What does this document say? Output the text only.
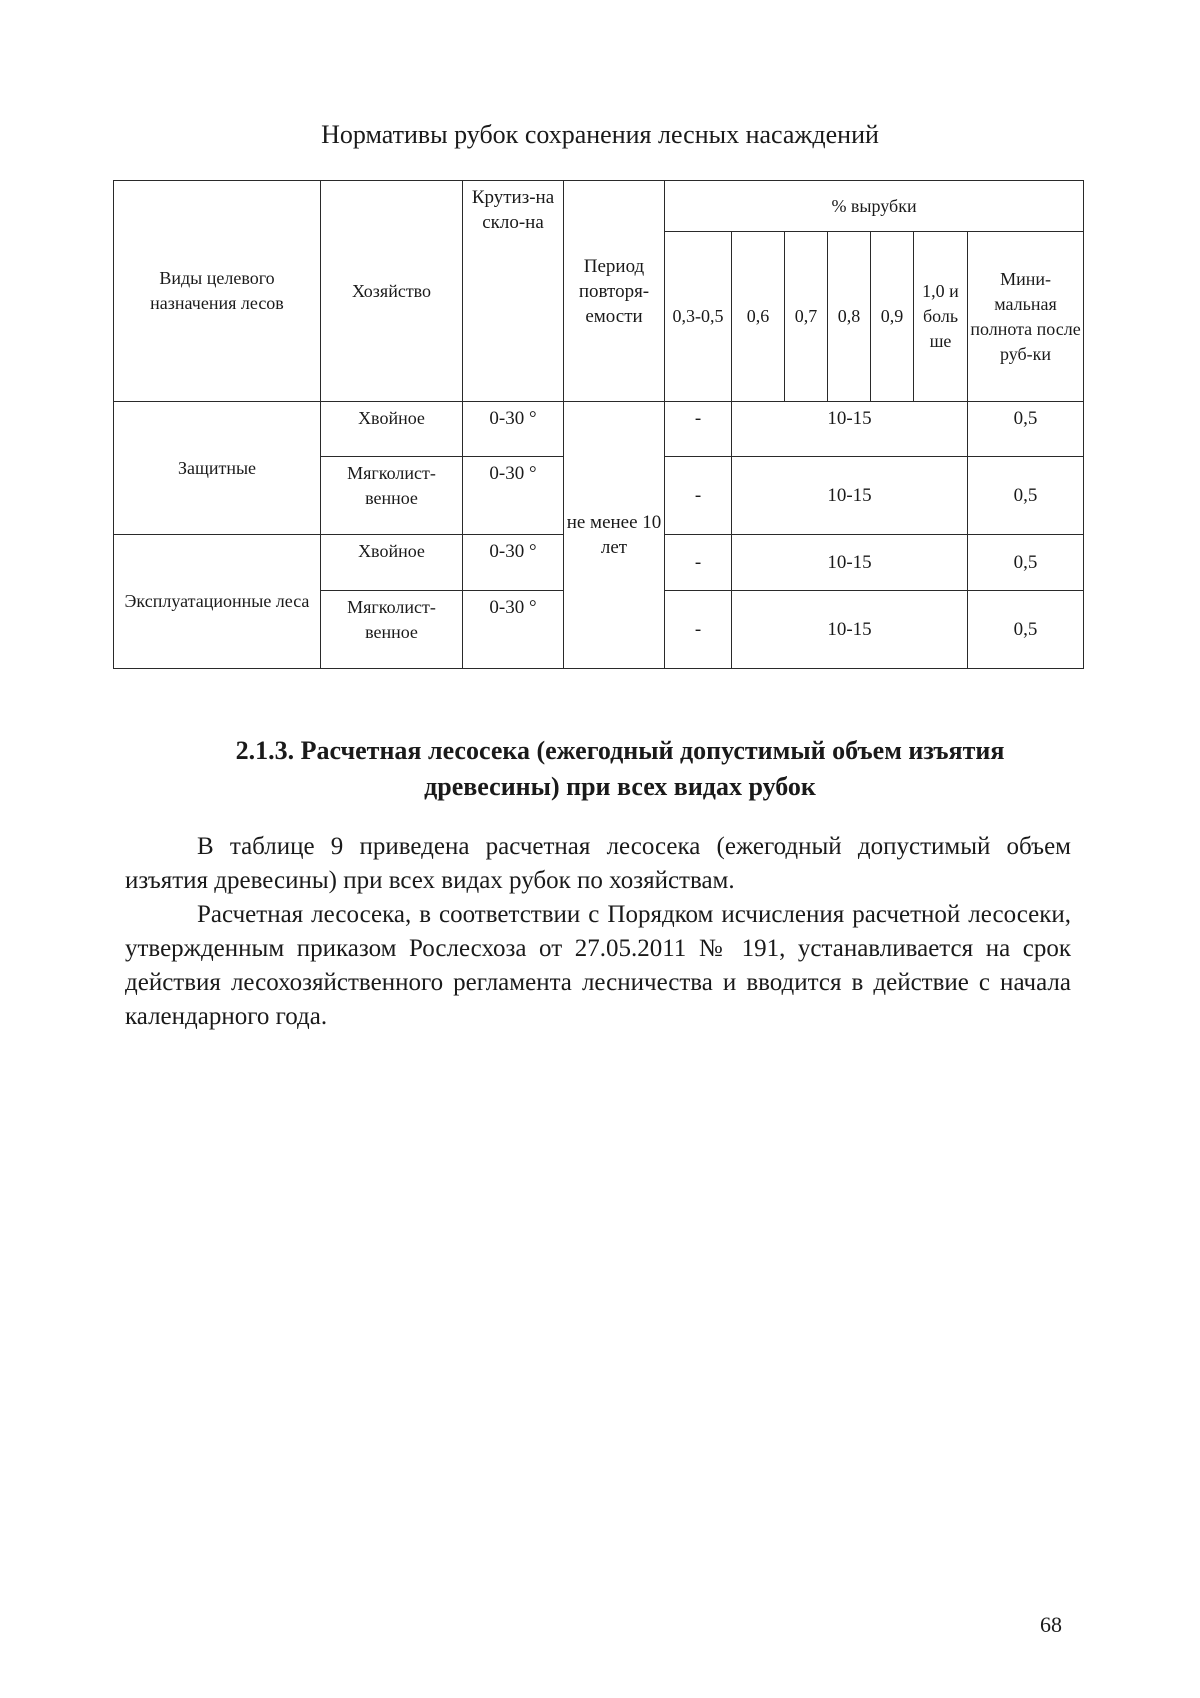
Нормативы рубок сохранения лесных насаждений
Виды целевого назначения лесов	Хозяйство	Крутиз-на скло-на	Период повторя-емости	% вырубки						
				0,3-0,5	0,6	0,7	0,8	0,9	1,0 и боль ше	Мини-мальная полнота после руб-ки
Защитные	Хвойное	0-30 °	не менее 10 лет	-	10-15					0,5
	Мягколист-венное	0-30 °		-	10-15					0,5
Эксплуатационные леса	Хвойное	0-30 °		-	10-15					0,5
	Мягколист-венное	0-30 °		-	10-15					0,5
2.1.3. Расчетная лесосека (ежегодный допустимый объем изъятия древесины) при всех видах рубок

В таблице 9 приведена расчетная лесосека (ежегодный допустимый объем изъятия древесины) при всех видах рубок по хозяйствам.

Расчетная лесосека, в соответствии с Порядком исчисления расчетной лесосеки, утвержденным приказом Рослесхоза от 27.05.2011 № 191, устанавливается на срок действия лесохозяйственного регламента лесничества и вводится в действие с начала календарного года.

68
